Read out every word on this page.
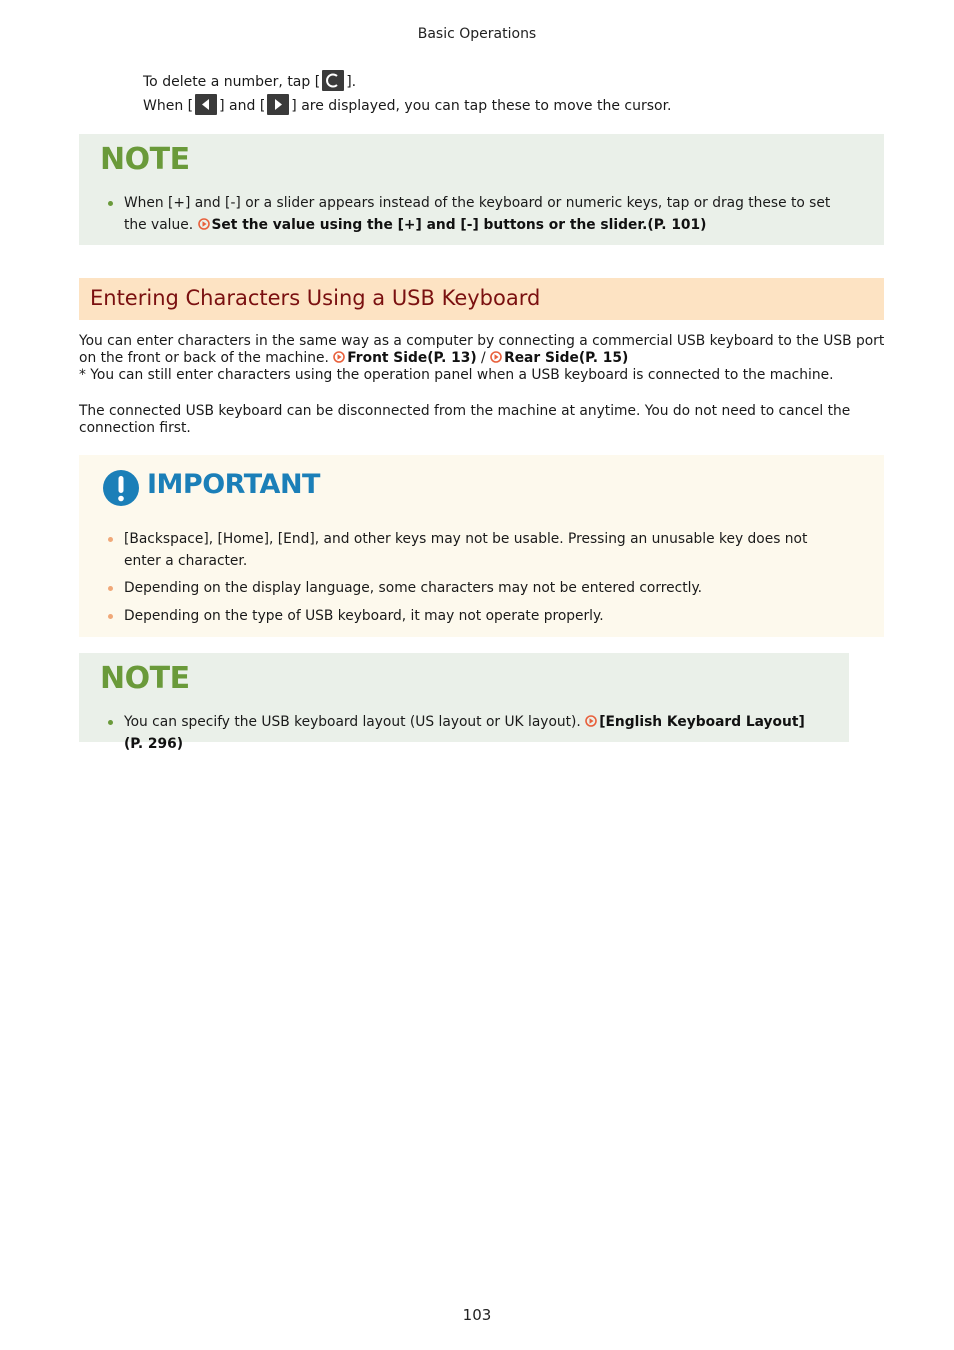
Basic Operations
To delete a number, tap [ ].
When [ ] and [ ] are displayed, you can tap these to move the cursor.
NOTE
When [+] and [-] or a slider appears instead of the keyboard or numeric keys, tap or drag these to set the value. Set the value using the [+] and [-] buttons or the slider.(P. 101)
Entering Characters Using a USB Keyboard
You can enter characters in the same way as a computer by connecting a commercial USB keyboard to the USB port on the front or back of the machine. Front Side(P. 13) / Rear Side(P. 15)
* You can still enter characters using the operation panel when a USB keyboard is connected to the machine.
The connected USB keyboard can be disconnected from the machine at anytime. You do not need to cancel the connection first.
IMPORTANT
[Backspace], [Home], [End], and other keys may not be usable. Pressing an unusable key does not enter a character.
Depending on the display language, some characters may not be entered correctly.
Depending on the type of USB keyboard, it may not operate properly.
NOTE
You can specify the USB keyboard layout (US layout or UK layout). [English Keyboard Layout](P. 296)
103
